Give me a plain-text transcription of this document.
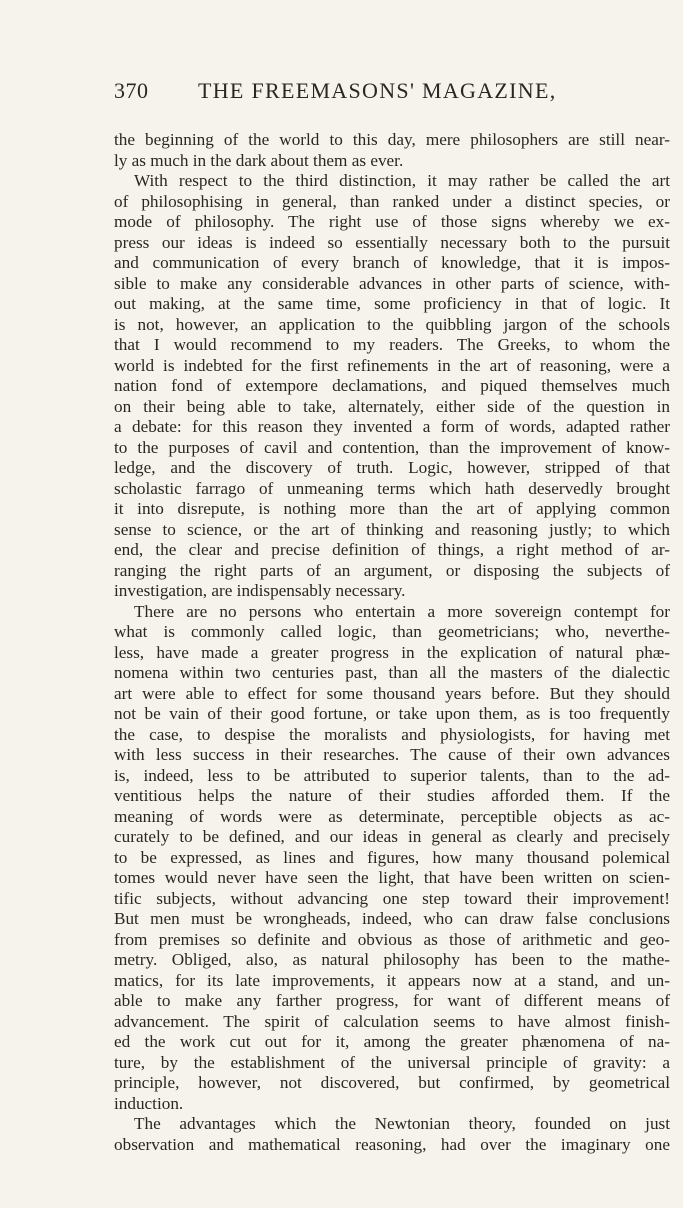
370 THE FREEMASONS' MAGAZINE,
the beginning of the world to this day, mere philosophers are still near-
ly as much in the dark about them as ever.
With respect to the third distinction, it may rather be called the art
of philosophising in general, than ranked under a distinct species, or
mode of philosophy. The right use of those signs whereby we ex-
press our ideas is indeed so essentially necessary both to the pursuit
and communication of every branch of knowledge, that it is impos-
sible to make any considerable advances in other parts of science, with-
out making, at the same time, some proficiency in that of logic. It
is not, however, an application to the quibbling jargon of the schools
that I would recommend to my readers. The Greeks, to whom the
world is indebted for the first refinements in the art of reasoning, were a
nation fond of extempore declamations, and piqued themselves much
on their being able to take, alternately, either side of the question in
a debate: for this reason they invented a form of words, adapted rather
to the purposes of cavil and contention, than the improvement of know-
ledge, and the discovery of truth. Logic, however, stripped of that
scholastic farrago of unmeaning terms which hath deservedly brought
it into disrepute, is nothing more than the art of applying common
sense to science, or the art of thinking and reasoning justly; to which
end, the clear and precise definition of things, a right method of ar-
ranging the right parts of an argument, or disposing the subjects of
investigation, are indispensably necessary.
There are no persons who entertain a more sovereign contempt for
what is commonly called logic, than geometricians; who, neverthe-
less, have made a greater progress in the explication of natural phæ-
nomena within two centuries past, than all the masters of the dialectic
art were able to effect for some thousand years before. But they should
not be vain of their good fortune, or take upon them, as is too frequently
the case, to despise the moralists and physiologists, for having met
with less success in their researches. The cause of their own advances
is, indeed, less to be attributed to superior talents, than to the ad-
ventitious helps the nature of their studies afforded them. If the
meaning of words were as determinate, perceptible objects as ac-
curately to be defined, and our ideas in general as clearly and precisely
to be expressed, as lines and figures, how many thousand polemical
tomes would never have seen the light, that have been written on scien-
tific subjects, without advancing one step toward their improvement!
But men must be wrongheads, indeed, who can draw false conclusions
from premises so definite and obvious as those of arithmetic and geo-
metry. Obliged, also, as natural philosophy has been to the mathe-
matics, for its late improvements, it appears now at a stand, and un-
able to make any farther progress, for want of different means of
advancement. The spirit of calculation seems to have almost finish-
ed the work cut out for it, among the greater phænomena of na-
ture, by the establishment of the universal principle of gravity: a
principle, however, not discovered, but confirmed, by geometrical
induction.
The advantages which the Newtonian theory, founded on just
observation and mathematical reasoning, had over the imaginary one
